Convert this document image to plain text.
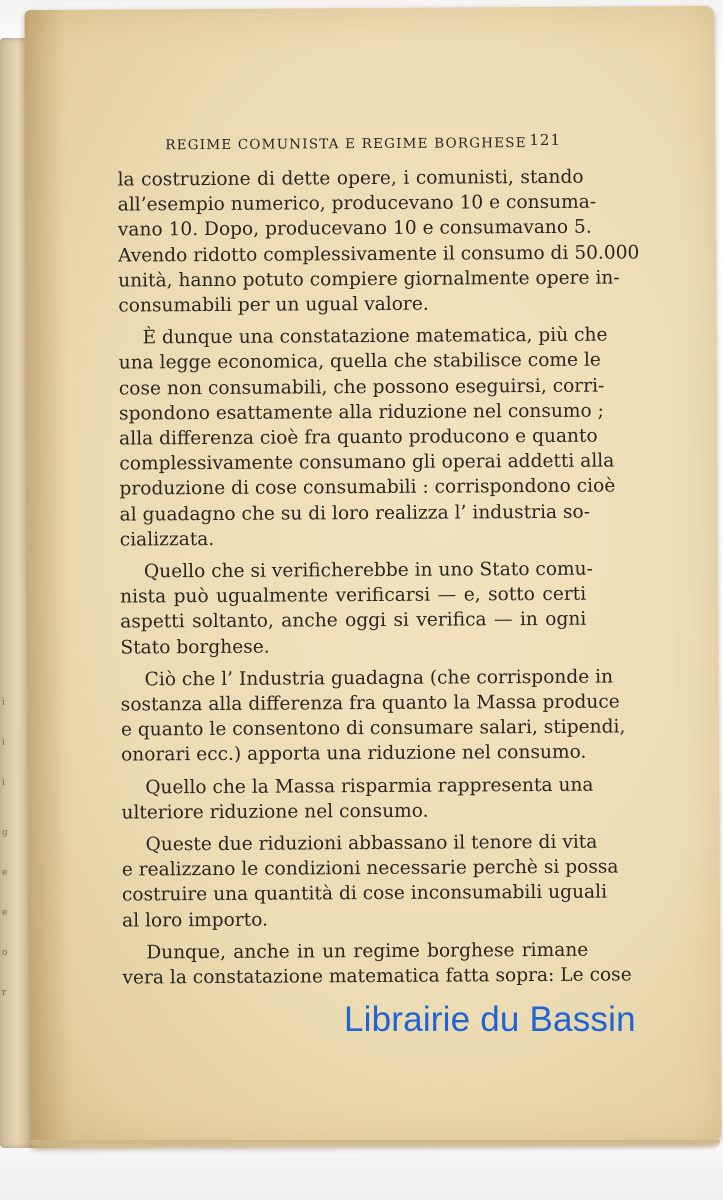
ì
i
i
g
e
e
o
r
REGIME COMUNISTA E REGIME BORGHESE 121
la costruzione di dette opere, i comunisti, stando
all’esempio numerico, producevano 10 e consuma-
vano 10. Dopo, producevano 10 e consumavano 5.
Avendo ridotto complessivamente il consumo di 50.000
unità, hanno potuto compiere giornalmente opere in-
consumabili per un ugual valore.
È dunque una constatazione matematica, più che
una legge economica, quella che stabilisce come le
cose non consumabili, che possono eseguirsi, corri-
spondono esattamente alla riduzione nel consumo ;
alla differenza cioè fra quanto producono e quanto
complessivamente consumano gli operai addetti alla
produzione di cose consumabili : corrispondono cioè
al guadagno che su di loro realizza l’ industria so-
cializzata.
Quello che si verificherebbe in uno Stato comu-
nista può ugualmente verificarsi — e, sotto certi
aspetti soltanto, anche oggi si verifica — in ogni
Stato borghese.
Ciò che l’ Industria guadagna (che corrisponde in
sostanza alla differenza fra quanto la Massa produce
e quanto le consentono di consumare salari, stipendi,
onorari ecc.) apporta una riduzione nel consumo.
Quello che la Massa risparmia rappresenta una
ulteriore riduzione nel consumo.
Queste due riduzioni abbassano il tenore di vita
e realizzano le condizioni necessarie perchè si possa
costruire una quantità di cose inconsumabili uguali
al loro importo.
Dunque, anche in un regime borghese rimane
vera la constatazione matematica fatta sopra: Le cose
Librairie du Bassin
